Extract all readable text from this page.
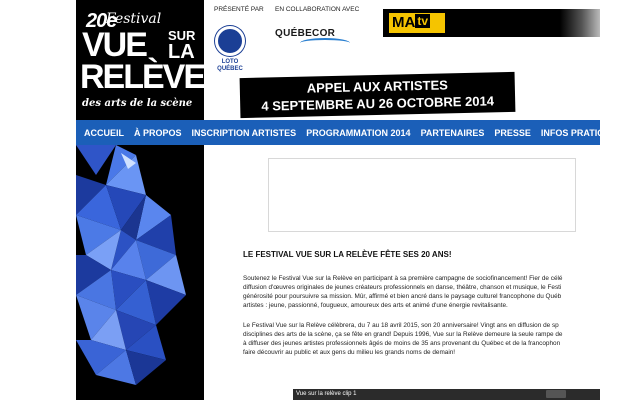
20e
Festival
VUE SUR
LA
RELÈVE
des arts de la scène
PRÉSENTÉ PAR EN COLLABORATION AVEC
LOTO
QUÉBEC
QUÉBECOR
MA tv
APPEL AUX ARTISTES
4 SEPTEMBRE AU 26 OCTOBRE 2014
ACCUEIL À PROPOS INSCRIPTION ARTISTES PROGRAMMATION 2014 PARTENAIRES PRESSE INFOS PRATIQUES
LE FESTIVAL VUE SUR LA RELÈVE FÊTE SES 20 ANS!
Soutenez le Festival Vue sur la Relève en participant à sa première campagne de sociofinancement! Fier de célé
diffusion d'œuvres originales de jeunes créateurs professionnels en danse, théâtre, chanson et musique, le Festi
générosité pour poursuivre sa mission. Mûr, affirmé et bien ancré dans le paysage culturel francophone du Québ
artistes : jeune, passionné, fougueux, amoureux des arts et animé d'une énergie revitalisante.
Le Festival Vue sur la Relève célèbrera, du 7 au 18 avril 2015, son 20 anniversaire! Vingt ans en diffusion de sp
disciplines des arts de la scène, ça se fête en grand! Depuis 1996, Vue sur la Relève demeure la seule rampe de
à diffuser des jeunes artistes professionnels âgés de moins de 35 ans provenant du Québec et de la francophon
faire découvrir au public et aux gens du milieu les grands noms de demain!
Vue sur la relève clip 1
